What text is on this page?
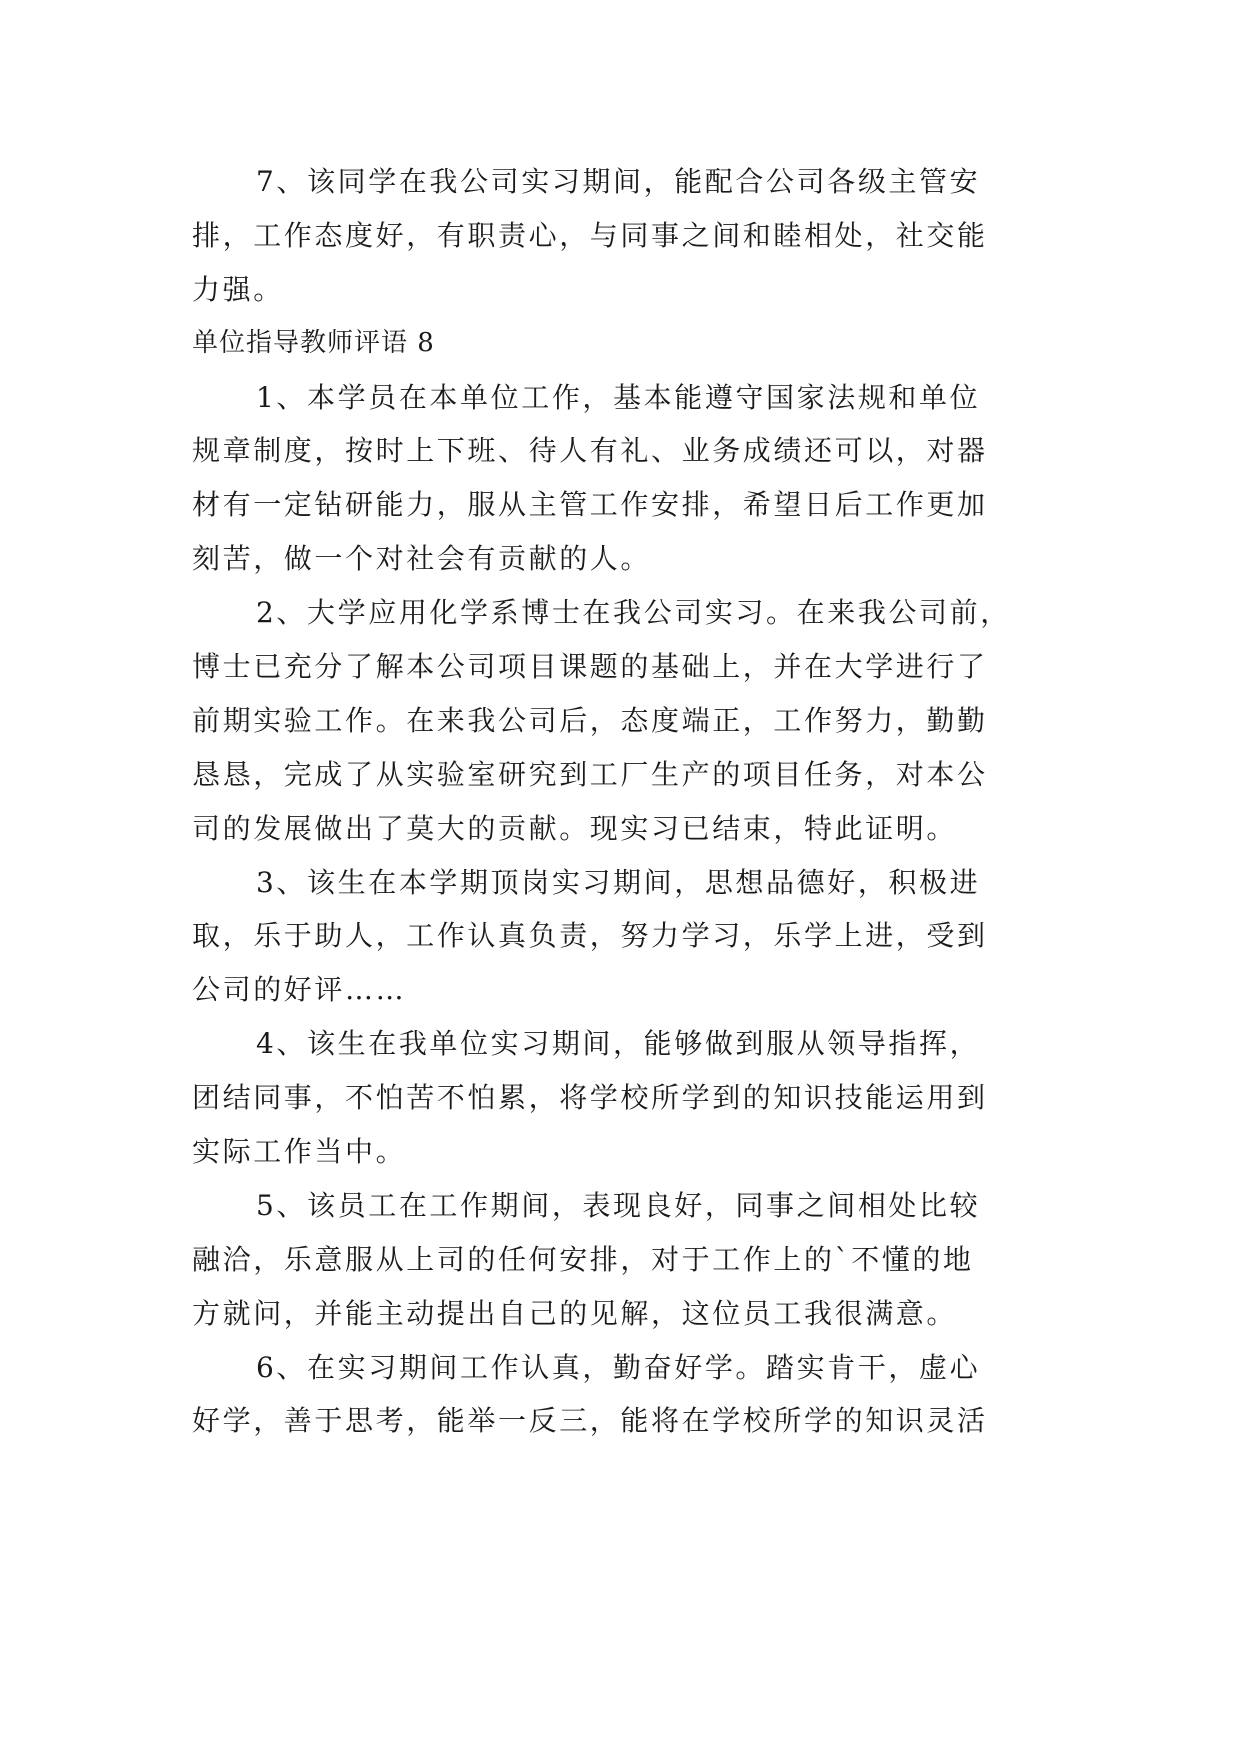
7、该同学在我公司实习期间，能配合公司各级主管安
排，工作态度好，有职责心，与同事之间和睦相处，社交能
力强。
单位指导教师评语 8
1、本学员在本单位工作，基本能遵守国家法规和单位
规章制度，按时上下班、待人有礼、业务成绩还可以，对器
材有一定钻研能力，服从主管工作安排，希望日后工作更加
刻苦，做一个对社会有贡献的人。
2、大学应用化学系博士在我公司实习。在来我公司前，
博士已充分了解本公司项目课题的基础上，并在大学进行了
前期实验工作。在来我公司后，态度端正，工作努力，勤勤
恳恳，完成了从实验室研究到工厂生产的项目任务，对本公
司的发展做出了莫大的贡献。现实习已结束，特此证明。
3、该生在本学期顶岗实习期间，思想品德好，积极进
取，乐于助人，工作认真负责，努力学习，乐学上进，受到
公司的好评……
4、该生在我单位实习期间，能够做到服从领导指挥，
团结同事，不怕苦不怕累，将学校所学到的知识技能运用到
实际工作当中。
5、该员工在工作期间，表现良好，同事之间相处比较
融洽，乐意服从上司的任何安排，对于工作上的`不懂的地
方就问，并能主动提出自己的见解，这位员工我很满意。
6、在实习期间工作认真，勤奋好学。踏实肯干，虚心
好学，善于思考，能举一反三，能将在学校所学的知识灵活
